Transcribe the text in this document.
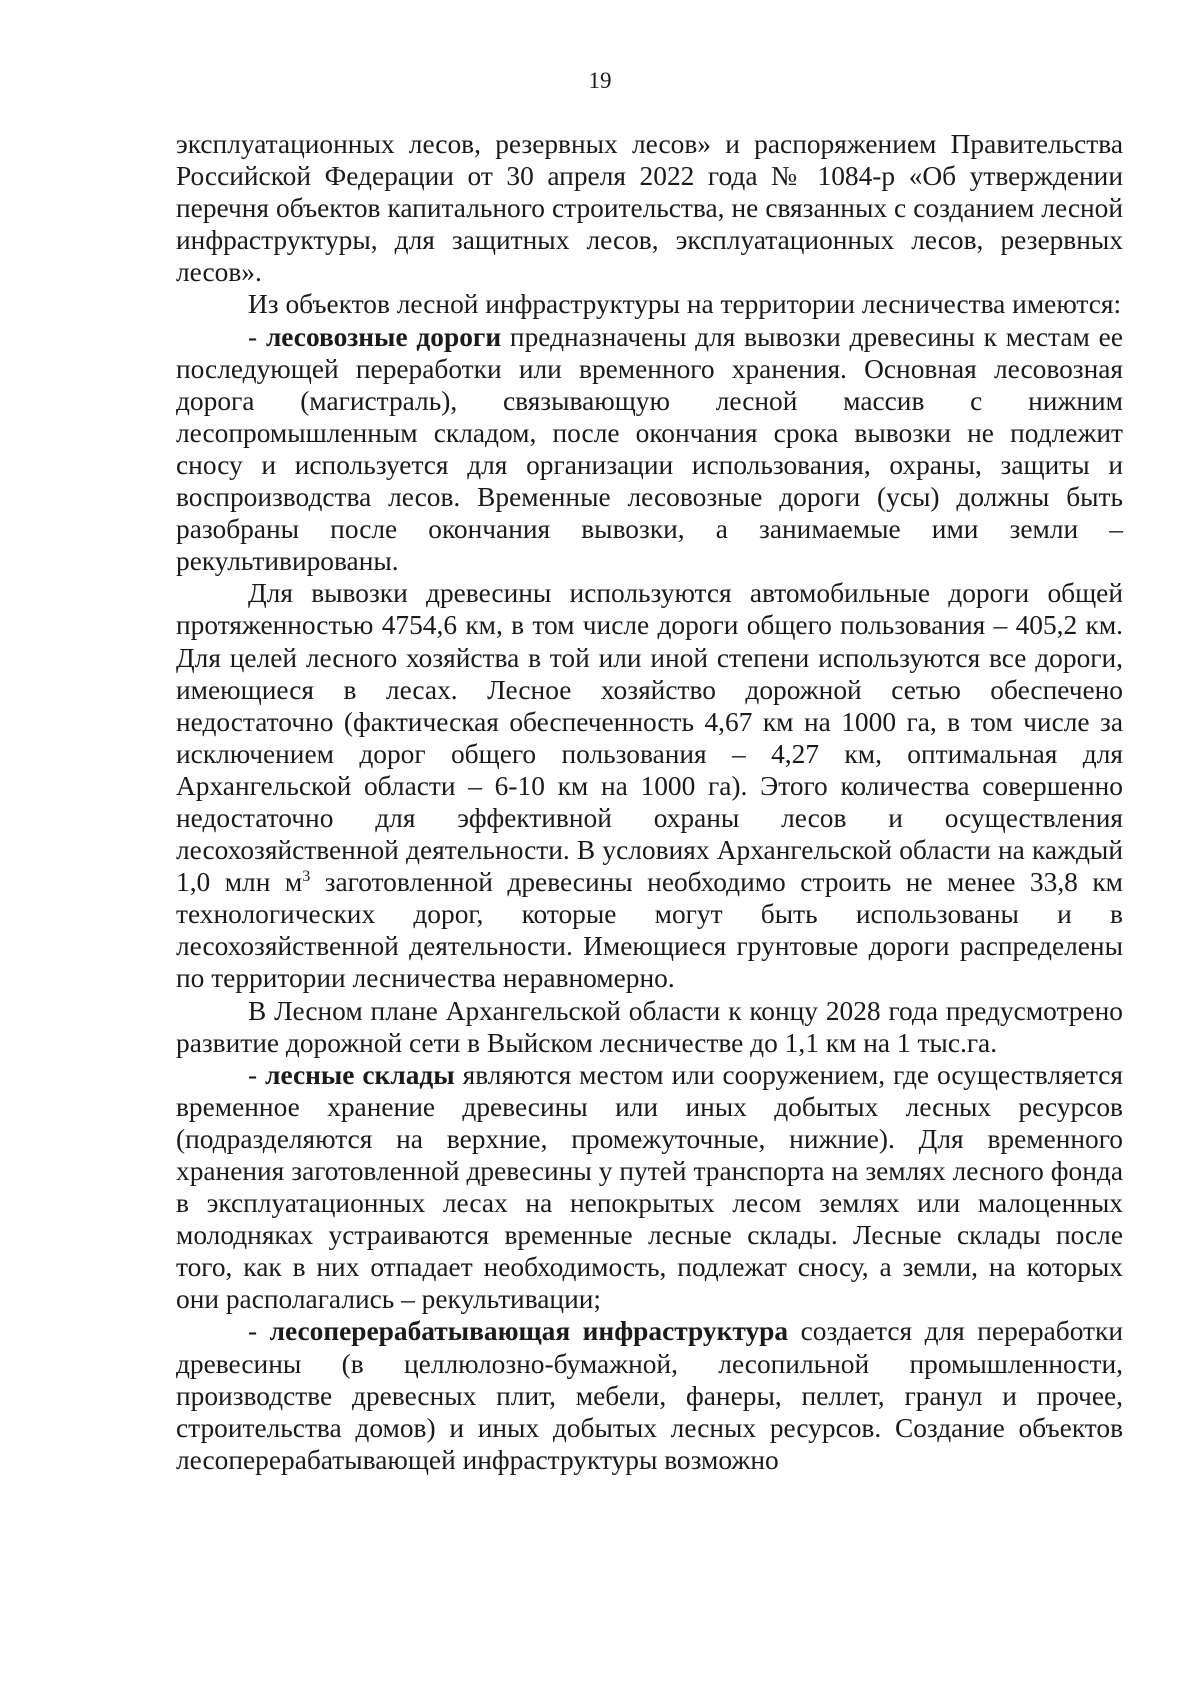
19

эксплуатационных лесов, резервных лесов» и распоряжением Правительства Российской Федерации от 30 апреля 2022 года № 1084-р «Об утверждении перечня объектов капитального строительства, не связанных с созданием лесной инфраструктуры, для защитных лесов, эксплуатационных лесов, резервных лесов».

Из объектов лесной инфраструктуры на территории лесничества имеются:

- лесовозные дороги предназначены для вывозки древесины к местам ее последующей переработки или временного хранения. Основная лесовозная дорога (магистраль), связывающую лесной массив с нижним лесопромышленным складом, после окончания срока вывозки не подлежит сносу и используется для организации использования, охраны, защиты и воспроизводства лесов. Временные лесовозные дороги (усы) должны быть разобраны после окончания вывозки, а занимаемые ими земли – рекультивированы.

Для вывозки древесины используются автомобильные дороги общей протяженностью 4754,6 км, в том числе дороги общего пользования – 405,2 км. Для целей лесного хозяйства в той или иной степени используются все дороги, имеющиеся в лесах. Лесное хозяйство дорожной сетью обеспечено недостаточно (фактическая обеспеченность 4,67 км на 1000 га, в том числе за исключением дорог общего пользования – 4,27 км, оптимальная для Архангельской области – 6-10 км на 1000 га). Этого количества совершенно недостаточно для эффективной охраны лесов и осуществления лесохозяйственной деятельности. В условиях Архангельской области на каждый 1,0 млн $м^3$ заготовленной древесины необходимо строить не менее 33,8 км технологических дорог, которые могут быть использованы и в лесохозяйственной деятельности. Имеющиеся грунтовые дороги распределены по территории лесничества неравномерно.

В Лесном плане Архангельской области к концу 2028 года предусмотрено развитие дорожной сети в Выйском лесничестве до 1,1 км на 1 тыс.га.

- лесные склады являются местом или сооружением, где осуществляется временное хранение древесины или иных добытых лесных ресурсов (подразделяются на верхние, промежуточные, нижние). Для временного хранения заготовленной древесины у путей транспорта на землях лесного фонда в эксплуатационных лесах на непокрытых лесом землях или малоценных молодняках устраиваются временные лесные склады. Лесные склады после того, как в них отпадает необходимость, подлежат сносу, а земли, на которых они располагались – рекультивации;

- лесоперерабатывающая инфраструктура создается для переработки древесины (в целлюлозно-бумажной, лесопильной промышленности, производстве древесных плит, мебели, фанеры, пеллет, гранул и прочее, строительства домов) и иных добытых лесных ресурсов. Создание объектов лесоперерабатывающей инфраструктуры возможно
